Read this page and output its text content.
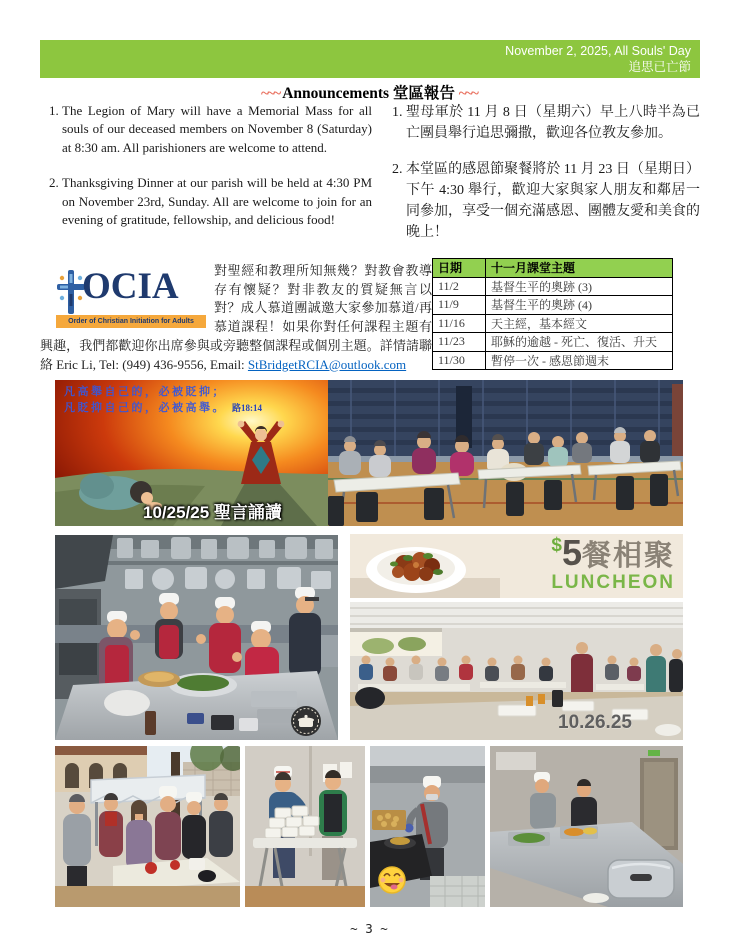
November 2, 2025, All Souls' Day
追思已亡節
~~~ Announcements 堂區報告 ~~~
1. The Legion of Mary will have a Memorial Mass for all souls of our deceased members on November 8 (Saturday) at 8:30 am. All parishioners are welcome to attend.
2. Thanksgiving Dinner at our parish will be held at 4:30 PM on November 23rd, Sunday. All are welcome to join for an evening of gratitude, fellowship, and delicious food!
1. 聖母軍於 11 月 8 日（星期六）早上八時半為已亡團員舉行追思彌撒，歡迎各位教友參加。
2. 本堂區的感恩節聚餐將於 11 月 23 日（星期日）下午 4:30 舉行，歡迎大家與家人朋友和鄰居一同參加，享受一個充滿感恩、團體友愛和美食的晚上！
OCIA
Order of Christian Initiation for Adults
對聖經和教理所知無幾？對教會教導存有懷疑？對非教友的質疑無言以對？成人慕道團誠邀大家參加慕道/再慕道課程！如果你對任何課程主題有興趣，我們都歡迎你出席參與或旁聽整個課程或個別主題。詳情請聯絡 Eric Li, Tel: (949) 436-9556, Email: StBridgetRCIA@outlook.com
日期	十一月課堂主題
11/2	基督生平的奧跡 (3)
11/9	基督生平的奧跡 (4)
11/16	天主經，基本經文
11/23	耶穌的逾越 - 死亡、復活、升天
11/30	暫停一次 - 感恩節週末
凡高舉自己的，必被貶抑；
凡貶抑自己的，必被高舉。 路18:14
10/25/25 聖言誦讀
$5餐相聚
LUNCHEON
10.26.25
~ 3 ~
